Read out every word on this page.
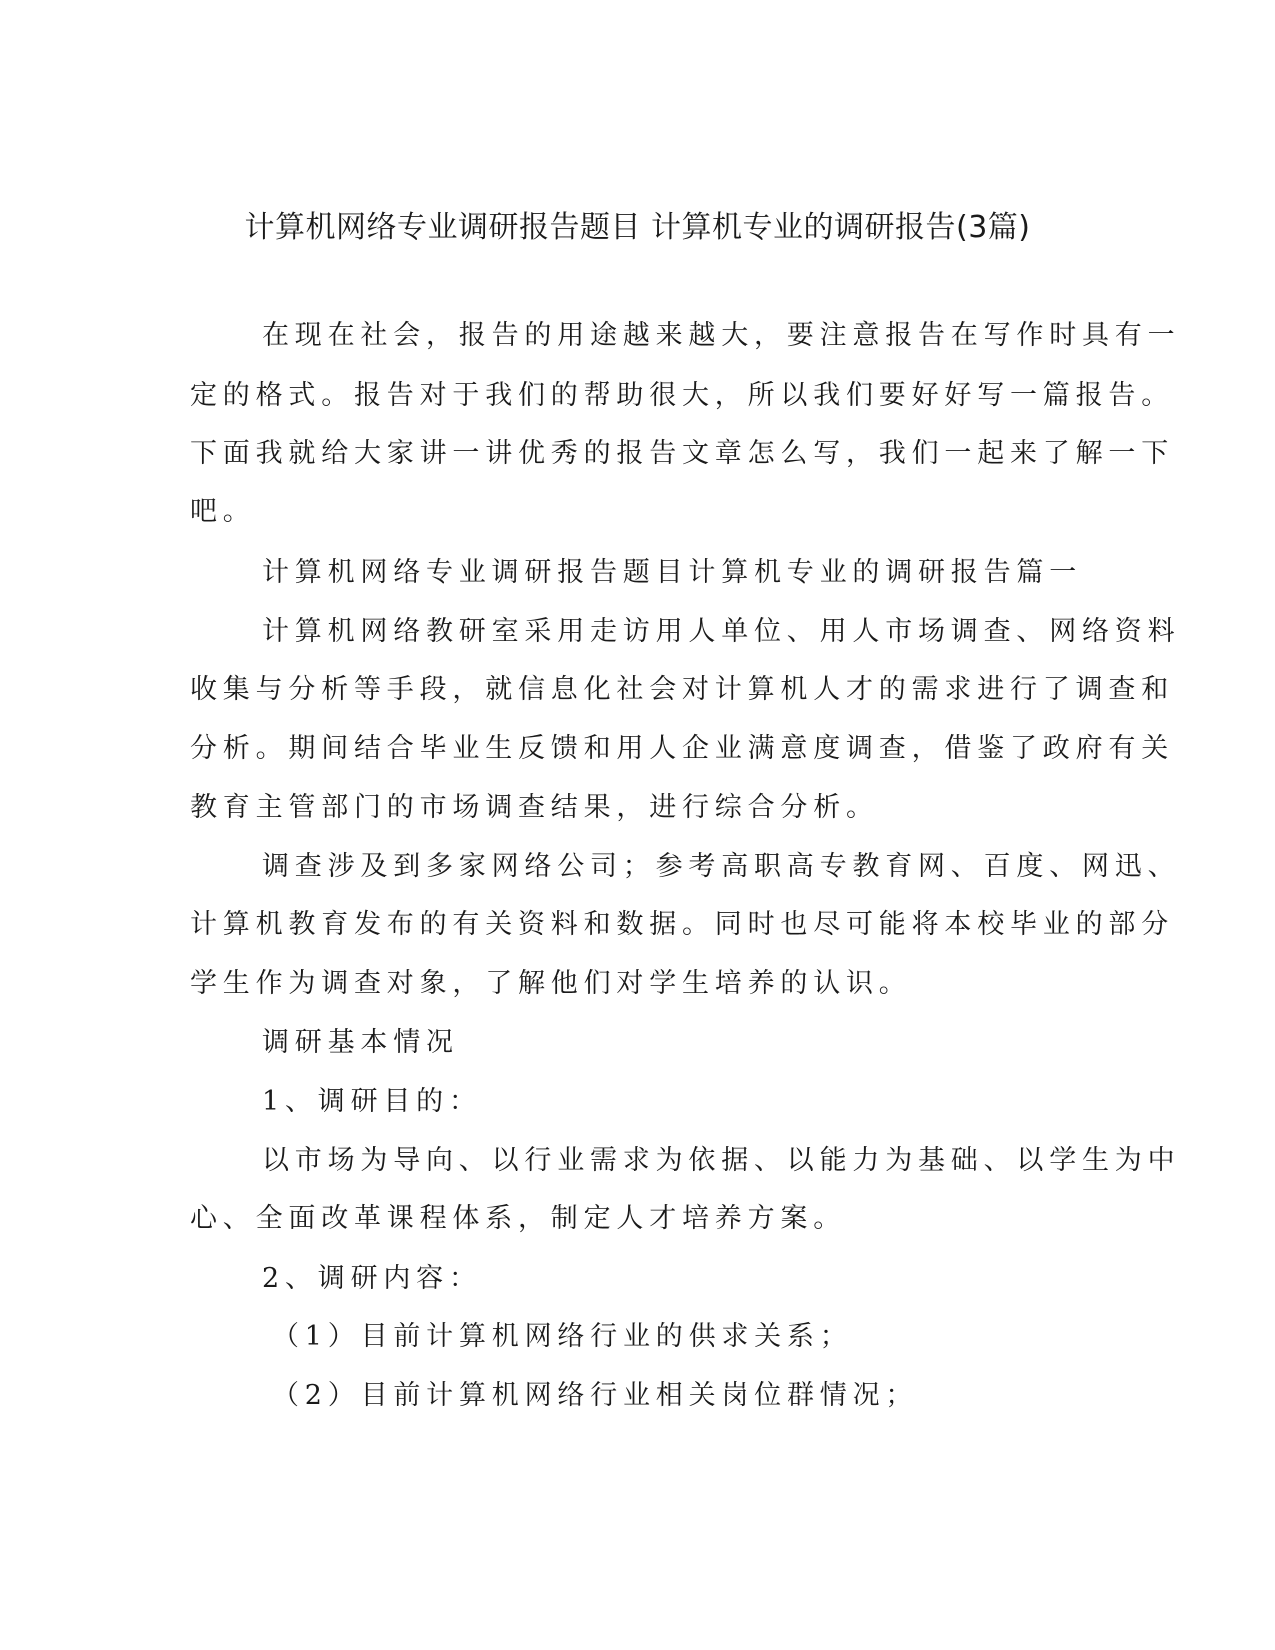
计算机网络专业调研报告题目 计算机专业的调研报告(3篇)
在现在社会，报告的用途越来越大，要注意报告在写作时具有一
定的格式。报告对于我们的帮助很大，所以我们要好好写一篇报告。
下面我就给大家讲一讲优秀的报告文章怎么写，我们一起来了解一下
吧。
计算机网络专业调研报告题目计算机专业的调研报告篇一
计算机网络教研室采用走访用人单位、用人市场调查、网络资料
收集与分析等手段，就信息化社会对计算机人才的需求进行了调查和
分析。期间结合毕业生反馈和用人企业满意度调查，借鉴了政府有关
教育主管部门的市场调查结果，进行综合分析。
调查涉及到多家网络公司；参考高职高专教育网、百度、网迅、
计算机教育发布的有关资料和数据。同时也尽可能将本校毕业的部分
学生作为调查对象，了解他们对学生培养的认识。
调研基本情况
1、调研目的：
以市场为导向、以行业需求为依据、以能力为基础、以学生为中
心、全面改革课程体系，制定人才培养方案。
2、调研内容：
（1）目前计算机网络行业的供求关系；
（2）目前计算机网络行业相关岗位群情况；
